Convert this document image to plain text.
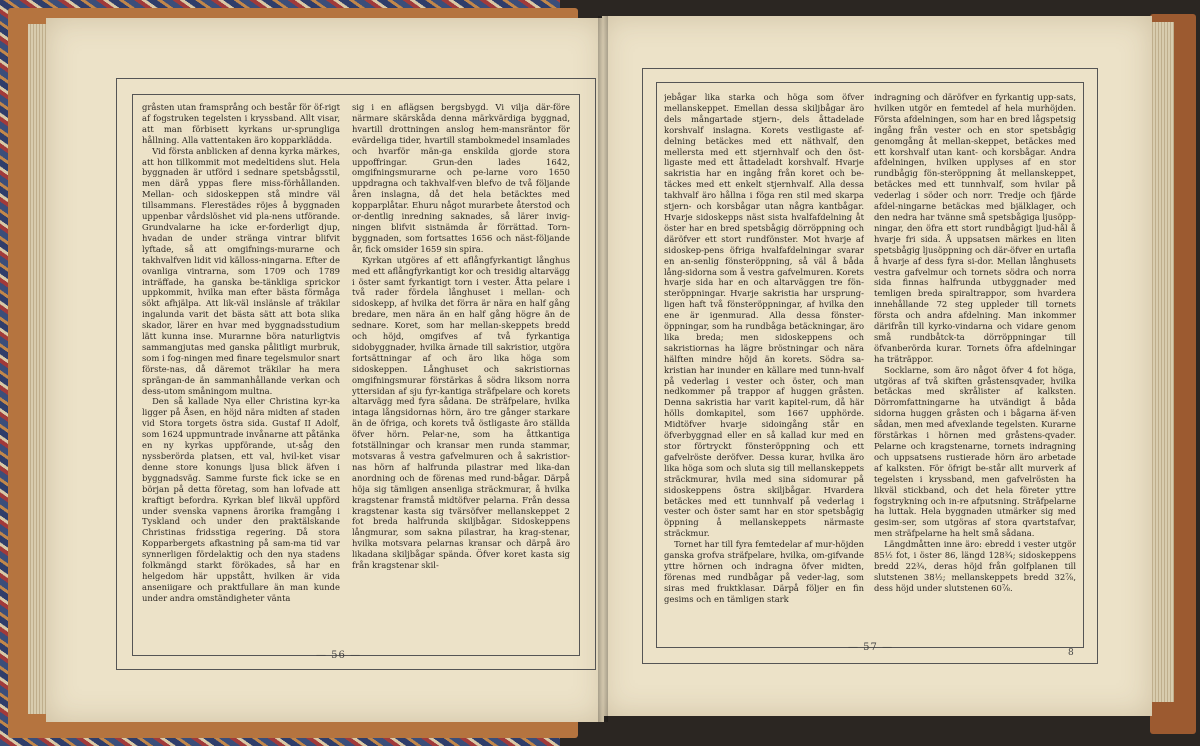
gråsten utan framsprång och består för öf-rigt af fogstruken tegelsten i kryssband. Allt visar, att man förbisett kyrkans ur-sprungliga hållning. Alla vattentaken äro kopparklädda.

Vid första anblicken af denna kyrka märkes, att hon tillkommit mot medeltidens slut. Hela byggnaden är utförd i sednare spetsbågsstil, men därå yppas flere miss-förhållanden. Mellan- och sidoskeppen stå mindre väl tillsammans. Flerestädes röjes å byggnaden uppenbar vårdslöshet vid pla-nens utförande. Grundvalarne ha icke er-forderligt djup, hvadan de under stränga vintrar blifvit lyftade, så att omgifnings-murarne och takhvalfven lidit vid källoss-ningarna. Efter de ovanliga vintrarna, som 1709 och 1789 inträffade, ha ganska be-tänkliga sprickor uppkommit, hvilka man efter bästa förmåga sökt afhjälpa. Att lik-väl inslänsle af träkilar ingalunda varit det bästa sätt att bota slika skador, lärer en hvar med byggnadsstudium lätt kunna inse. Murarnne böra naturligtvis sammangjutas med ganska pålitligt murbruk, som i fog-ningen med finare tegelsmulor snart förste-nas, då däremot träkilar ha mera sprängan-de än sammanhållande verkan och dess-utom småningom multna.

Den så kallade Nya eller Christina kyr-ka ligger på Åsen, en höjd nära midten af staden vid Stora torgets östra sida. Gustaf II Adolf, som 1624 uppmuntrade invånarne att påtänka en ny kyrkas uppförande, ut-såg den nyssberörda platsen, ett val, hvil-ket visar denne store konungs ljusa blick äfven i byggnadsväg. Samme furste fick icke se en början på detta företag, som han lofvade att kraftigt befordra. Kyrkan blef likväl uppförd under svenska vapnens ärorika framgång i Tyskland och under den praktälskande Christinas fridsstiga regering. Då stora Kopparbergets afkastning på sam-ma tid var synnerligen fördelaktig och den nya stadens folkmängd starkt förökades, så har en helgedom här uppstått, hvilken är vida anseniigare och praktfullare än man kunde under andra omständigheter vänta

sig i en aflägsen bergsbygd. Vi vilja där-före närmare skärskåda denna märkvärdiga byggnad, hvartill drottningen anslog hem-mansräntor för evärdeliga tider, hvartill stambokmedel insamlades och hvarför män-ga enskilda gjorde stora uppoffringar. Grun-den lades 1642, omgifningsmurarne och pe-larne voro 1650 uppdragna och takhvalf-ven blefvo de två följande åren inslagna, då det hela betäcktes med kopparplåtar. Ehuru något murarbete återstod och or-dentlig inredning saknades, så lärer invig-ningen blifvit sistnämda år förrättad. Torn-byggnaden, som fortsattes 1656 och näst-följande år, fick omsider 1659 sin spira.

Kyrkan utgöres af ett aflångfyrkantigt långhus med ett aflångfyrkantigt kor och tresidig altarvägg i öster samt fyrkantigt torn i vester. Åtta pelare i två rader fördela långhuset i mellan- och sidoskepp, af hvilka det förra är nära en half gång bredare, men nära än en half gång högre än de sednare. Koret, som har mellan-skeppets bredd och höjd, omgifves af två fyrkantiga sidobyggnader, hvilka ärnade till sakristior, utgöra fortsättningar af och äro lika höga som sidoskeppen. Långhuset och sakristiornas omgifningsmurar förstärkas å södra liksom norra yttersidan af sju fyr-kantiga sträfpelare och korets altarvägg med fyra sådana. De sträfpelare, hvilka intaga långsidornas hörn, äro tre gånger starkare än de öfriga, och korets två östligaste äro ställda öfver hörn. Pelar-ne, som ha åttkantiga fotställningar och kransar men runda stammar, motsvaras å vestra gafvelmuren och å sakristior-nas hörn af halfrunda pilastrar med lika-dan anordning och de förenas med rund-bågar. Därpå höja sig tämligen ansenliga sträckmurar, å hvilka kragstenar framstå midtöfver pelarna. Från dessa kragstenar kasta sig tvärsöfver mellanskeppet 2 fot breda halfrunda skiljbågar. Sidoskeppens långmurar, som sakna pilastrar, ha krag-stenar, hvilka motsvara pelarnas kransar och därpå äro likadana skiljbågar spända. Öfver koret kasta sig från kragstenar skil-

— 56 —

jebågar lika starka och höga som öfver mellanskeppet. Emellan dessa skiljbågar äro dels mångartade stjern-, dels åttadelade korshvalf inslagna. Korets vestligaste af-delning betäckes med ett näthvalf, den mellersta med ett stjernhvalf och den öst-ligaste med ett åttadeladt korshvalf. Hvarje sakristia har en ingång från koret och be-täckes med ett enkelt stjernhvalf. Alla dessa takhvalf äro hållna i föga ren stil med skarpa stjern- och korsbågar utan några kantbågar. Hvarje sidoskepps näst sista hvalfafdelning åt öster har en bred spetsbågig dörröppning och däröfver ett stort rundfönster. Mot hvarje af sidoskep-pens öfriga hvalfafdelningar svarar en an-senlig fönsteröppning, så väl å båda lång-sidorna som å vestra gafvelmuren. Korets hvarje sida har en och altarväggen tre fön-steröppningar. Hvarje sakristia har ursprung-ligen haft två fönsteröppningar, af hvilka den ene är igenmurad. Alla dessa fönster-öppningar, som ha rundbåga betäckningar, äro lika breda; men sidoskeppens och sakristiornas ha lägre bröstningar och nära hälften mindre höjd än korets. Södra sa-kristian har inunder en källare med tunn-hvalf på vederlag i vester och öster, och man nedkommer på trappor af huggen gråsten. Denna sakristia har varit kapitel-rum, då här hölls domkapitel, som 1667 upphörde. Midtöfver hvarje sidoingång står en öfverbyggnad eller en så kallad kur med en stor förtryckt fönsteröppning och ett gafvelröste deröfver. Dessa kurar, hvilka äro lika höga som och sluta sig till mellanskeppets sträckmurar, hvila med sina sidomurar på sidoskeppens östra skiljbågar. Hvardera betäckes med ett tunnhvalf på vederlag i vester och öster samt har en stor spetsbågig öppning å mellanskeppets närmaste sträckmur.

Tornet har till fyra femtedelar af mur-höjden ganska grofva sträfpelare, hvilka, om-gifvande yttre hörnen och indragna öfver midten, förenas med rundbågar på veder-lag, som siras med fruktklasar. Därpå följer en fin gesims och en tämligen stark

indragning och däröfver en fyrkantig upp-sats, hvilken utgör en femtedel af hela murhöjden. Första afdelningen, som har en bred lågspetsig ingång från vester och en stor spetsbågig genomgång åt mellan-skeppet, betäckes med ett korshvalf utan kant- och korsbågar. Andra afdelningen, hvilken upplyses af en stor rundbågig fön-steröppning åt mellanskeppet, betäckes med ett tunnhvalf, som hvilar på vederlag i söder och norr. Tredje och fjärde afdel-ningarne betäckas med bjälklager, och den nedra har tvänne små spetsbågiga ljusöpp-ningar, den öfra ett stort rundbågigt ljud-hål å hvarje fri sida. Å uppsatsen märkes en liten spetsbågig ljusöppning och där-öfver en urtafla å hvarje af dess fyra si-dor. Mellan långhusets vestra gafvelmur och tornets södra och norra sida finnas halfrunda utbyggnader med temligen breda spiraltrappor, som hvardera innehållande 72 steg uppleder till tornets första och andra afdelning. Man inkommer därifrån till kyrko-vindarna och vidare genom små rundbåtck-ta dörröppningar till öfvanberörda kurar. Tornets öfra afdelningar ha träträppor.

Socklarne, som äro något öfver 4 fot höga, utgöras af två skiften gråstensqvader, hvilka betäckas med skrålister af kalksten. Dörromfattningarne ha utvändigt å båda sidorna huggen gråsten och i bågarna äf-ven sådan, men med afvexlande tegelsten. Kurarne förstärkas i hörnen med gråstens-qvader. Pelarne och kragstenarne, tornets indragning och uppsatsens rustierade hörn äro arbetade af kalksten. För öfrigt be-står allt murverk af tegelsten i kryssband, men gafvelrösten ha likväl stickband, och det hela företer yttre fogstrykning och in-re afputsning. Sträfpelarne ha luttak. Hela byggnaden utmärker sig med gesim-ser, som utgöras af stora qvartstafvar, men sträfpelarne ha helt små sådana.

Längdmåtten inne äro: ebredd i vester utgör 85½ fot, i öster 86, längd 128¾; sidoskeppens bredd 22¾, deras höjd från golfplanen till slutstenen 38½; mellanskeppets bredd 32⅞, dess höjd under slutstenen 60⅞.

— 57 —	8
